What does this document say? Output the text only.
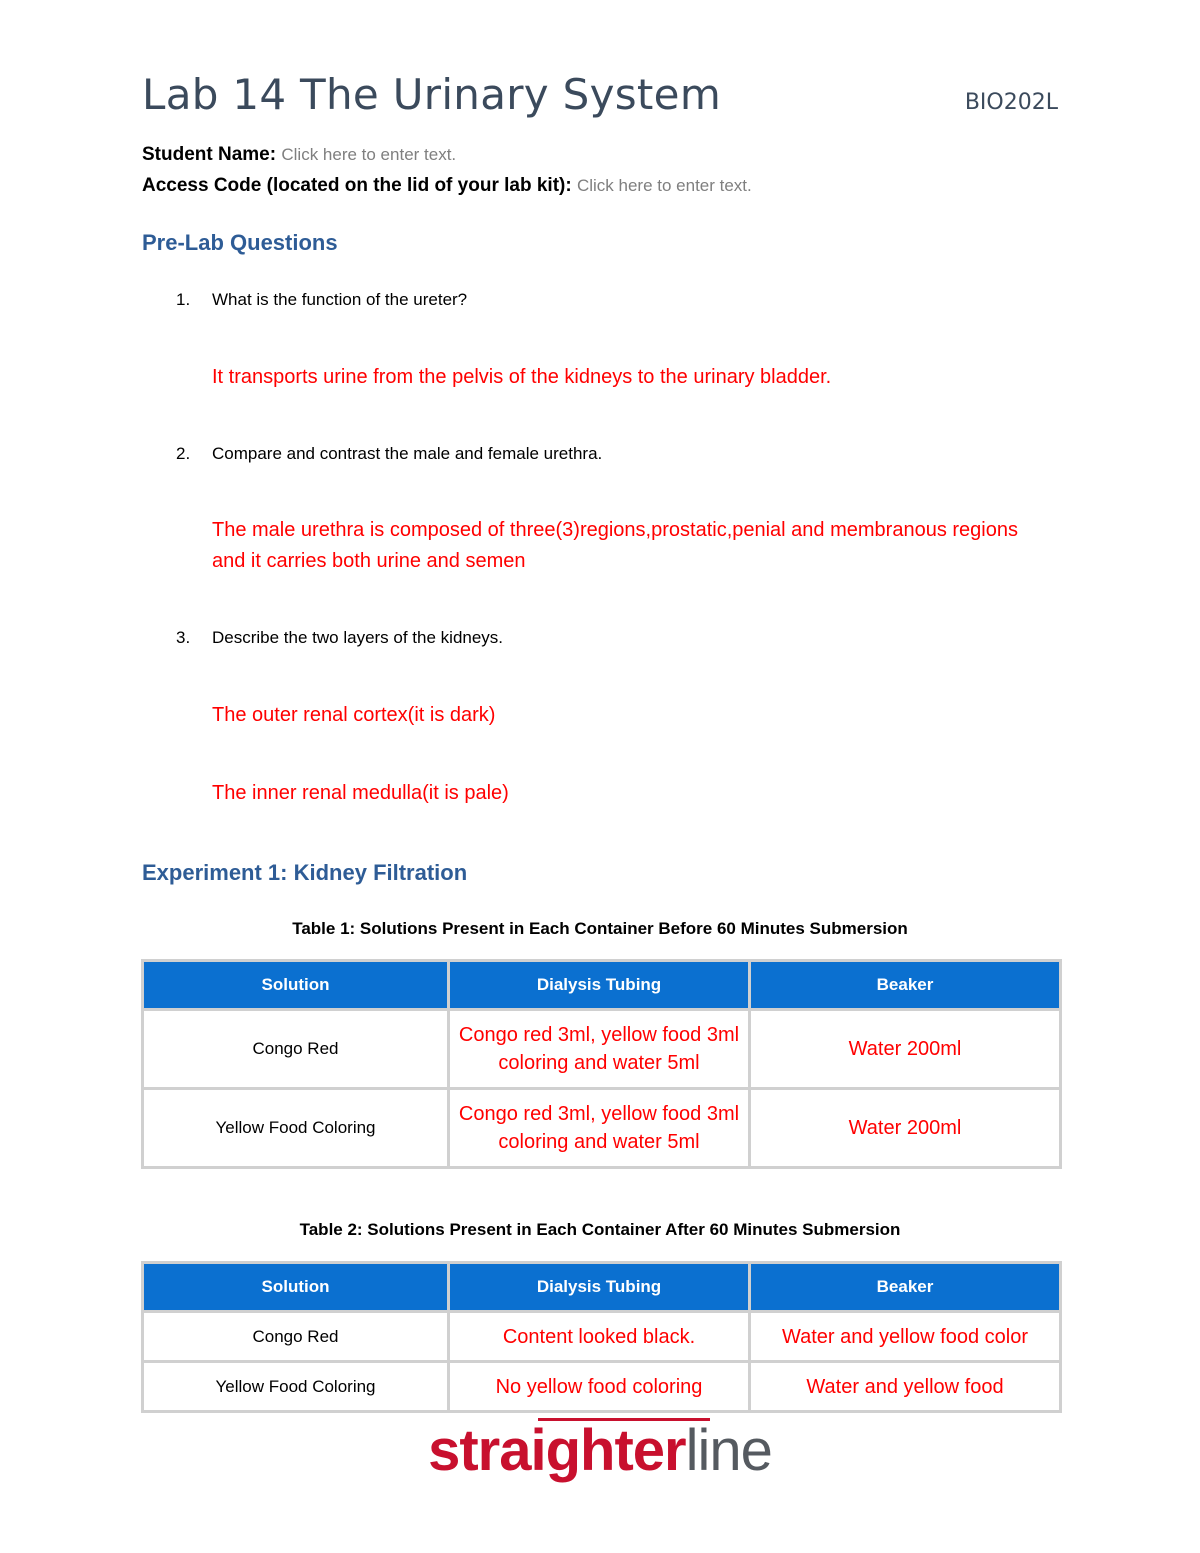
Lab 14 The Urinary System	BIO202L
Student Name: Click here to enter text.
Access Code (located on the lid of your lab kit): Click here to enter text.
Pre-Lab Questions
1. What is the function of the ureter?
It transports urine from the pelvis of the kidneys to the urinary bladder.
2. Compare and contrast the male and female urethra.
The male urethra is composed of three(3)regions,prostatic,penial and membranous regions and it carries both urine and semen
3. Describe the two layers of the kidneys.
The outer renal cortex(it is dark)
The inner renal medulla(it is pale)
Experiment 1: Kidney Filtration
Table 1: Solutions Present in Each Container Before 60 Minutes Submersion
Solution	Dialysis Tubing	Beaker
Congo Red	Congo red 3ml, yellow food 3ml coloring and water 5ml	Water 200ml
Yellow Food Coloring	Congo red 3ml, yellow food 3ml coloring and water 5ml	Water 200ml
Table 2: Solutions Present in Each Container After 60 Minutes Submersion
Solution	Dialysis Tubing	Beaker
Congo Red	Content looked black.	Water and yellow food color
Yellow Food Coloring	No yellow food coloring	Water and yellow food
straighterline
